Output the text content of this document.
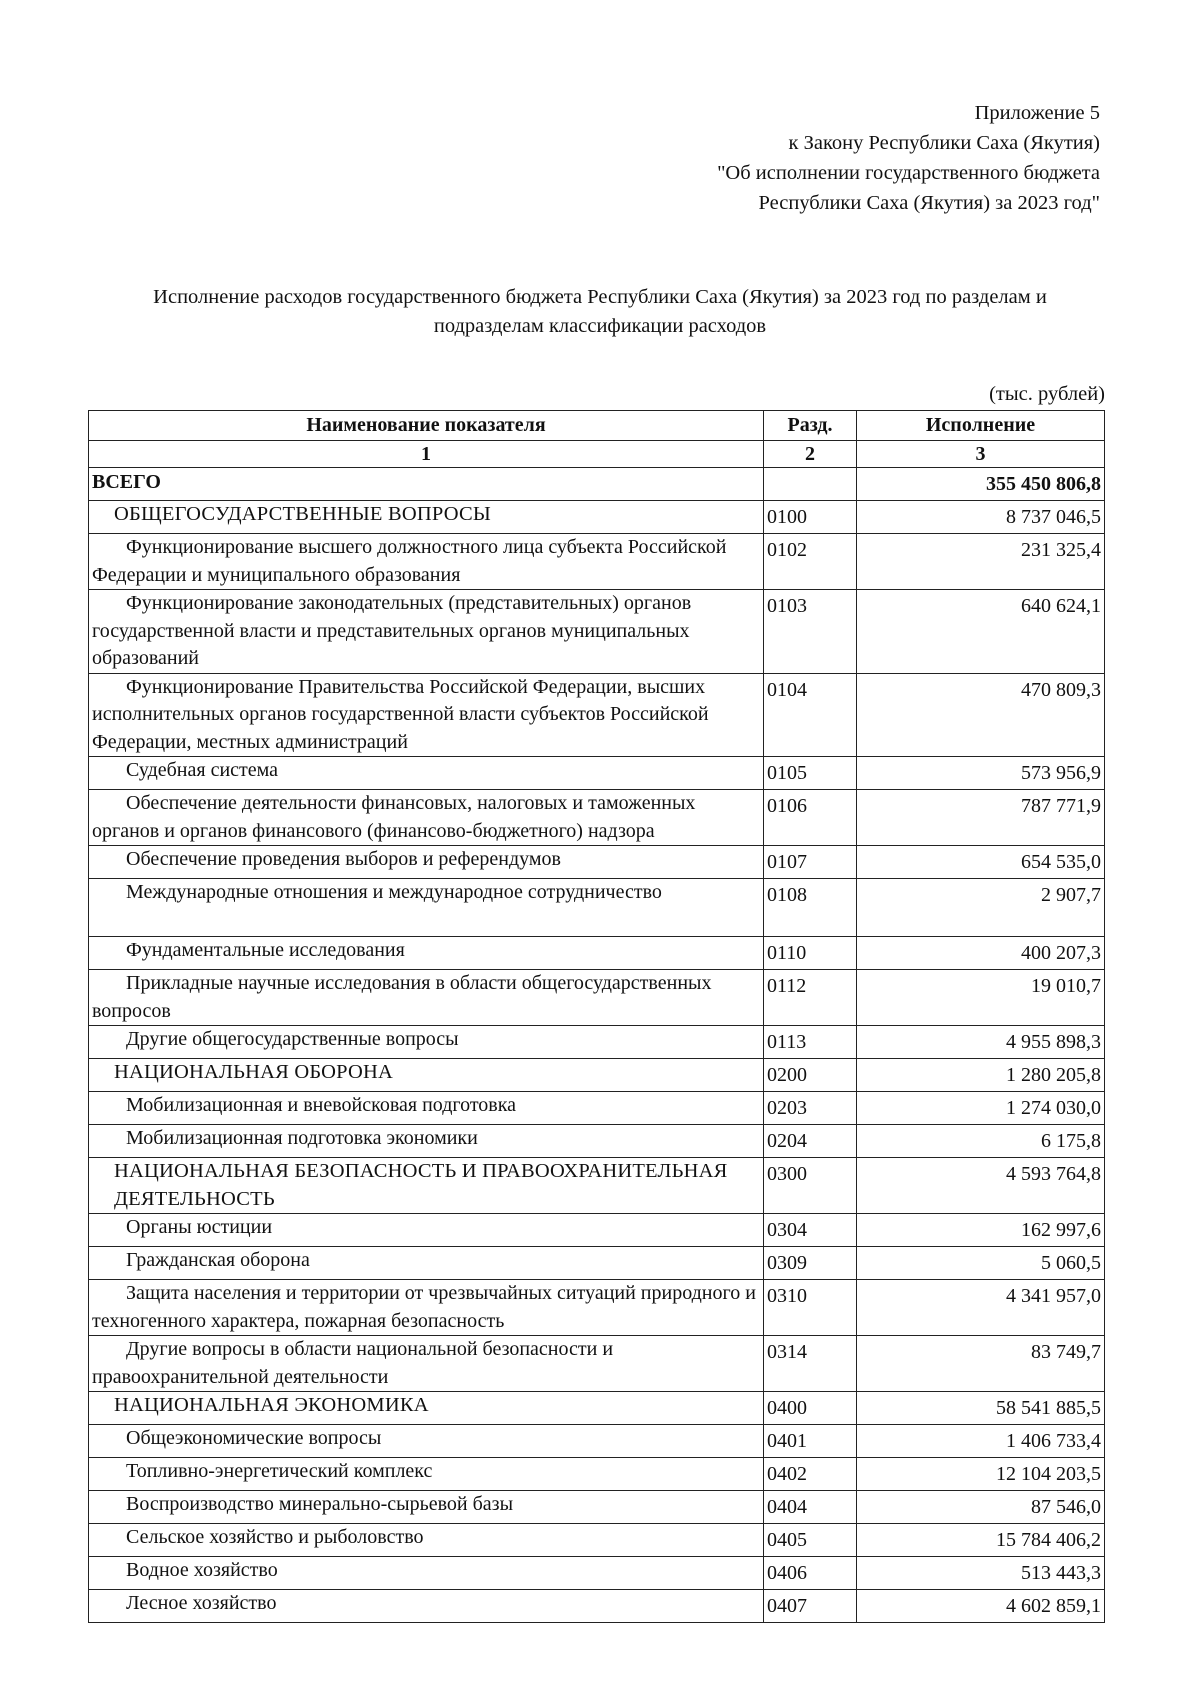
Приложение 5
к Закону Республики Саха (Якутия)
"Об исполнении государственного бюджета
Республики Саха (Якутия) за 2023 год"
Исполнение расходов государственного бюджета Республики Саха (Якутия) за 2023 год по разделам и
подразделам классификации расходов
(тыс. рублей)
Наименование показателя	Разд.	Исполнение
1	2	3
ВСЕГО		355 450 806,8
ОБЩЕГОСУДАРСТВЕННЫЕ ВОПРОСЫ	0100	8 737 046,5
Функционирование высшего должностного лица субъекта Российской Федерации и муниципального образования	0102	231 325,4
Функционирование законодательных (представительных) органов государственной власти и представительных органов муниципальных образований	0103	640 624,1
Функционирование Правительства Российской Федерации, высших исполнительных органов государственной власти субъектов Российской Федерации, местных администраций	0104	470 809,3
Судебная система	0105	573 956,9
Обеспечение деятельности финансовых, налоговых и таможенных органов и органов финансового (финансово-бюджетного) надзора	0106	787 771,9
Обеспечение проведения выборов и референдумов	0107	654 535,0
Международные отношения и международное сотрудничество	0108	2 907,7
Фундаментальные исследования	0110	400 207,3
Прикладные научные исследования в области общегосударственных вопросов	0112	19 010,7
Другие общегосударственные вопросы	0113	4 955 898,3
НАЦИОНАЛЬНАЯ ОБОРОНА	0200	1 280 205,8
Мобилизационная и вневойсковая подготовка	0203	1 274 030,0
Мобилизационная подготовка экономики	0204	6 175,8
НАЦИОНАЛЬНАЯ БЕЗОПАСНОСТЬ И ПРАВООХРАНИТЕЛЬНАЯ ДЕЯТЕЛЬНОСТЬ	0300	4 593 764,8
Органы юстиции	0304	162 997,6
Гражданская оборона	0309	5 060,5
Защита населения и территории от чрезвычайных ситуаций природного и техногенного характера, пожарная безопасность	0310	4 341 957,0
Другие вопросы в области национальной безопасности и правоохранительной деятельности	0314	83 749,7
НАЦИОНАЛЬНАЯ ЭКОНОМИКА	0400	58 541 885,5
Общеэкономические вопросы	0401	1 406 733,4
Топливно-энергетический комплекс	0402	12 104 203,5
Воспроизводство минерально-сырьевой базы	0404	87 546,0
Сельское хозяйство и рыболовство	0405	15 784 406,2
Водное хозяйство	0406	513 443,3
Лесное хозяйство	0407	4 602 859,1
